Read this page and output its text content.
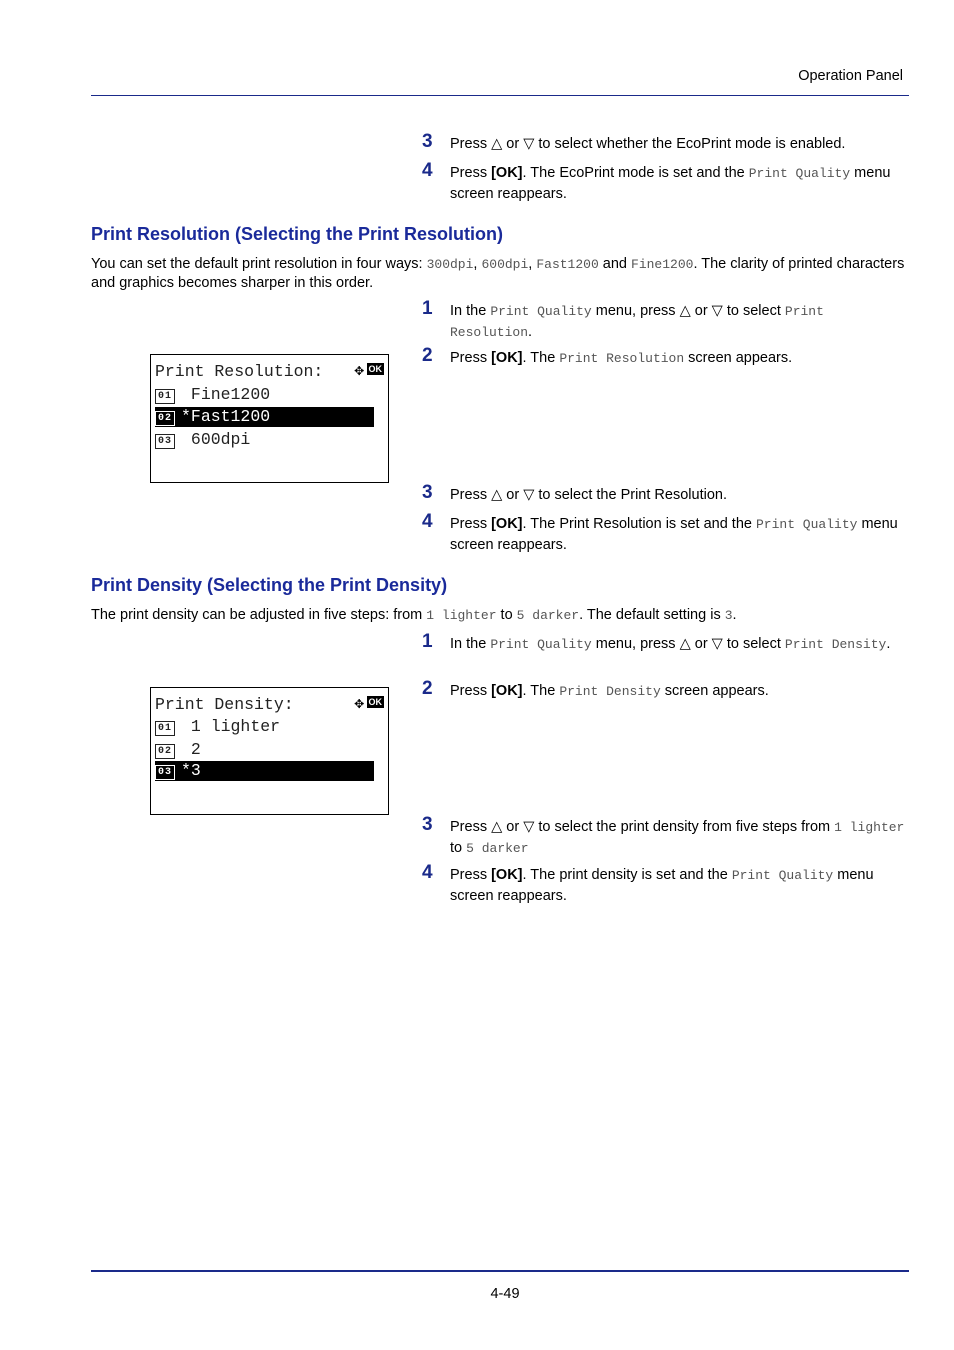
Operation Panel
3 Press △ or ▽ to select whether the EcoPrint mode is enabled.
4 Press [OK]. The EcoPrint mode is set and the Print Quality menu screen reappears.
Print Resolution (Selecting the Print Resolution)
You can set the default print resolution in four ways: 300dpi, 600dpi, Fast1200 and Fine1200. The clarity of printed characters and graphics becomes sharper in this order.
1 In the Print Quality menu, press △ or ▽ to select Print Resolution.
2 Press [OK]. The Print Resolution screen appears.
Print Resolution: ✥ OK
01 Fine1200
02 *Fast1200
03 600dpi
3 Press △ or ▽ to select the Print Resolution.
4 Press [OK]. The Print Resolution is set and the Print Quality menu screen reappears.
Print Density (Selecting the Print Density)
The print density can be adjusted in five steps: from 1 lighter to 5 darker. The default setting is 3.
1 In the Print Quality menu, press △ or ▽ to select Print Density.
2 Press [OK]. The Print Density screen appears.
Print Density:	✥ OK
01 1 lighter
02 2
03 *3
3 Press △ or ▽ to select the print density from five steps from 1 lighter to 5 darker
4 Press [OK]. The print density is set and the Print Quality menu screen reappears.
4-49
